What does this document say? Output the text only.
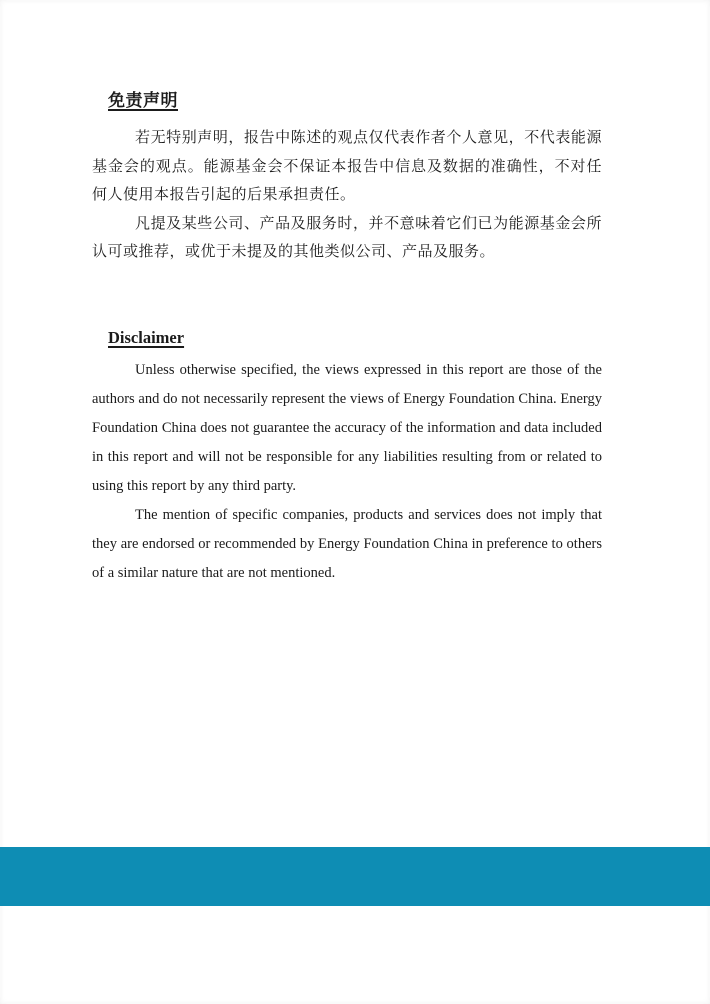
免责声明

若无特别声明，报告中陈述的观点仅代表作者个人意见，不代表能源基金会的观点。能源基金会不保证本报告中信息及数据的准确性，不对任何人使用本报告引起的后果承担责任。

凡提及某些公司、产品及服务时，并不意味着它们已为能源基金会所认可或推荐，或优于未提及的其他类似公司、产品及服务。

Disclaimer

Unless otherwise specified, the views expressed in this report are those of the authors and do not necessarily represent the views of Energy Foundation China. Energy Foundation China does not guarantee the accuracy of the information and data included in this report and will not be responsible for any liabilities resulting from or related to using this report by any third party.

The mention of specific companies, products and services does not imply that they are endorsed or recommended by Energy Foundation China in preference to others of a similar nature that are not mentioned.
